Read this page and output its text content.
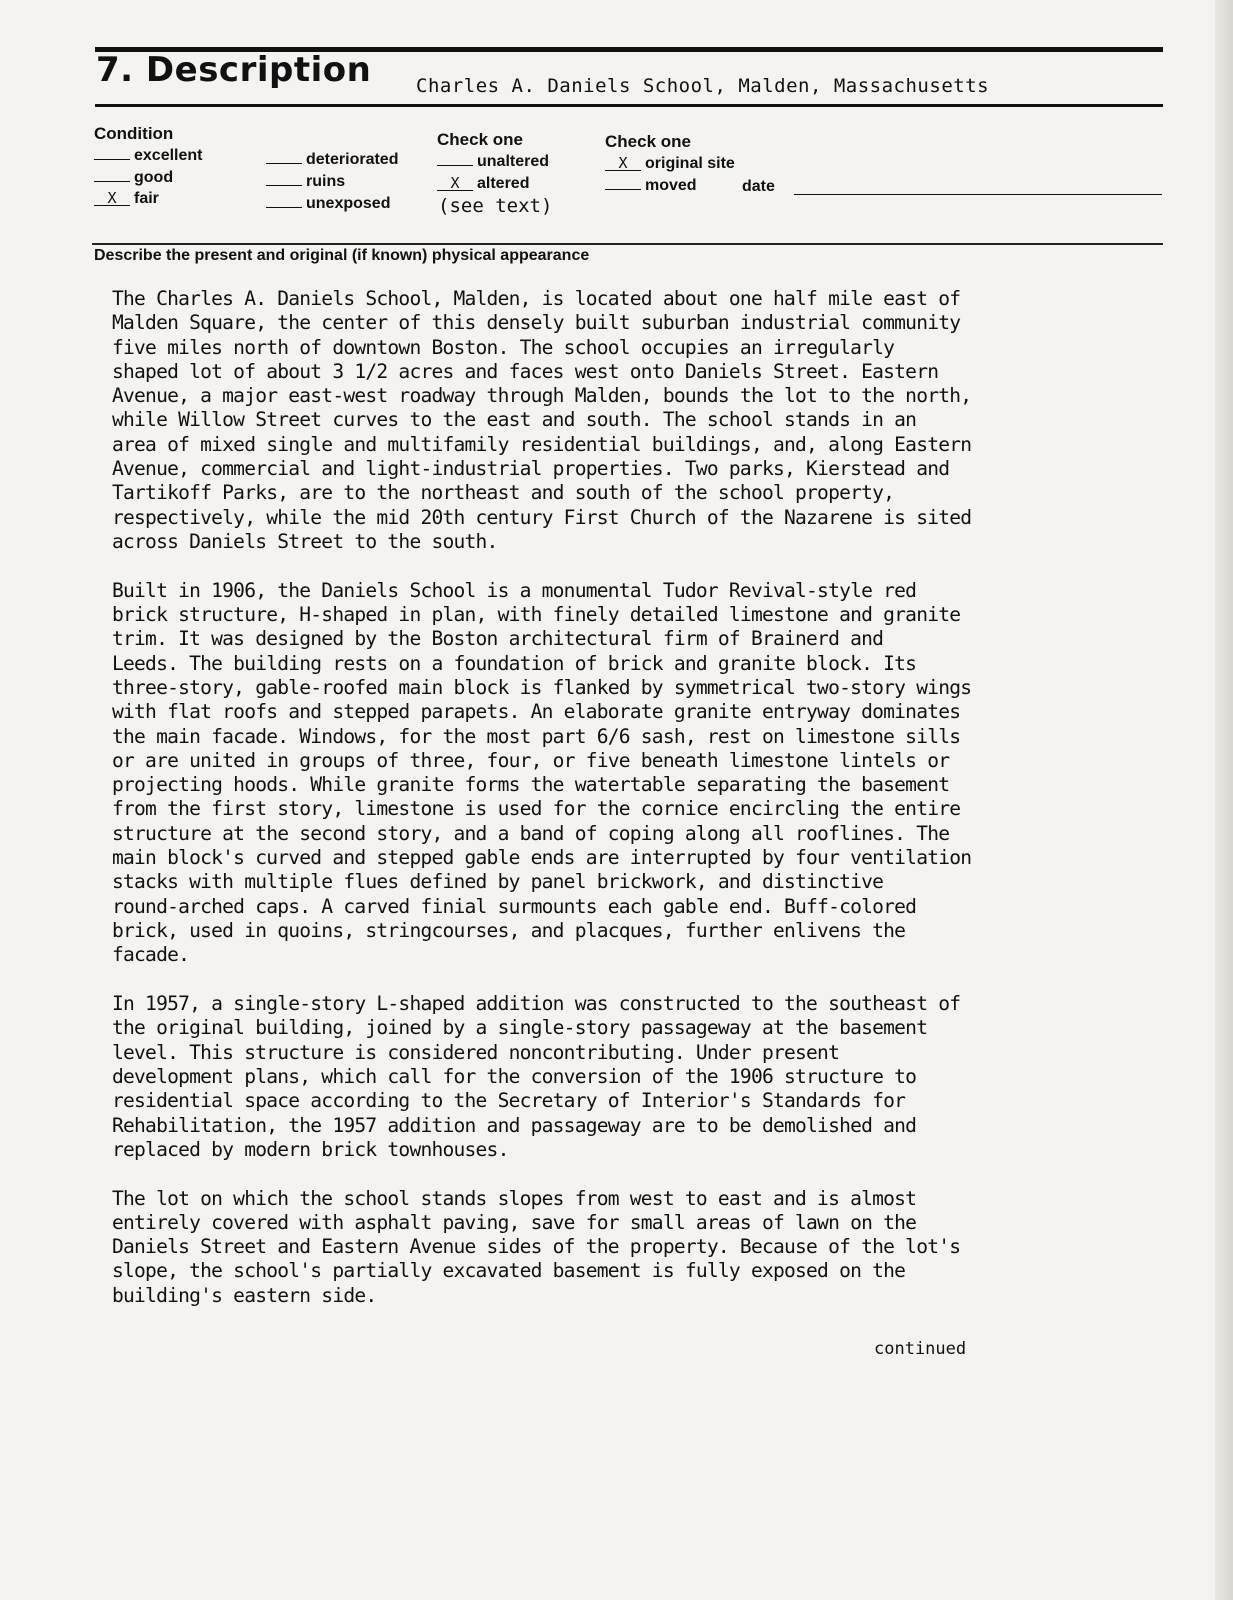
7. Description Charles A. Daniels School, Malden, Massachusetts
Condition
excellent
good
X fair
deteriorated
ruins
unexposed
Check one
unaltered
X altered
(see text)
Check one
X original site
moved	date
Describe the present and original (if known) physical appearance

The Charles A. Daniels School, Malden, is located about one half mile east of
Malden Square, the center of this densely built suburban industrial community
five miles north of downtown Boston. The school occupies an irregularly
shaped lot of about 3 1/2 acres and faces west onto Daniels Street. Eastern
Avenue, a major east-west roadway through Malden, bounds the lot to the north,
while Willow Street curves to the east and south. The school stands in an
area of mixed single and multifamily residential buildings, and, along Eastern
Avenue, commercial and light-industrial properties. Two parks, Kierstead and
Tartikoff Parks, are to the northeast and south of the school property,
respectively, while the mid 20th century First Church of the Nazarene is sited
across Daniels Street to the south.

Built in 1906, the Daniels School is a monumental Tudor Revival-style red
brick structure, H-shaped in plan, with finely detailed limestone and granite
trim. It was designed by the Boston architectural firm of Brainerd and
Leeds. The building rests on a foundation of brick and granite block. Its
three-story, gable-roofed main block is flanked by symmetrical two-story wings
with flat roofs and stepped parapets. An elaborate granite entryway dominates
the main facade. Windows, for the most part 6/6 sash, rest on limestone sills
or are united in groups of three, four, or five beneath limestone lintels or
projecting hoods. While granite forms the watertable separating the basement
from the first story, limestone is used for the cornice encircling the entire
structure at the second story, and a band of coping along all rooflines. The
main block's curved and stepped gable ends are interrupted by four ventilation
stacks with multiple flues defined by panel brickwork, and distinctive
round-arched caps. A carved finial surmounts each gable end. Buff-colored
brick, used in quoins, stringcourses, and placques, further enlivens the
facade.

In 1957, a single-story L-shaped addition was constructed to the southeast of
the original building, joined by a single-story passageway at the basement
level. This structure is considered noncontributing. Under present
development plans, which call for the conversion of the 1906 structure to
residential space according to the Secretary of Interior's Standards for
Rehabilitation, the 1957 addition and passageway are to be demolished and
replaced by modern brick townhouses.

The lot on which the school stands slopes from west to east and is almost
entirely covered with asphalt paving, save for small areas of lawn on the
Daniels Street and Eastern Avenue sides of the property. Because of the lot's
slope, the school's partially excavated basement is fully exposed on the
building's eastern side.

continued
